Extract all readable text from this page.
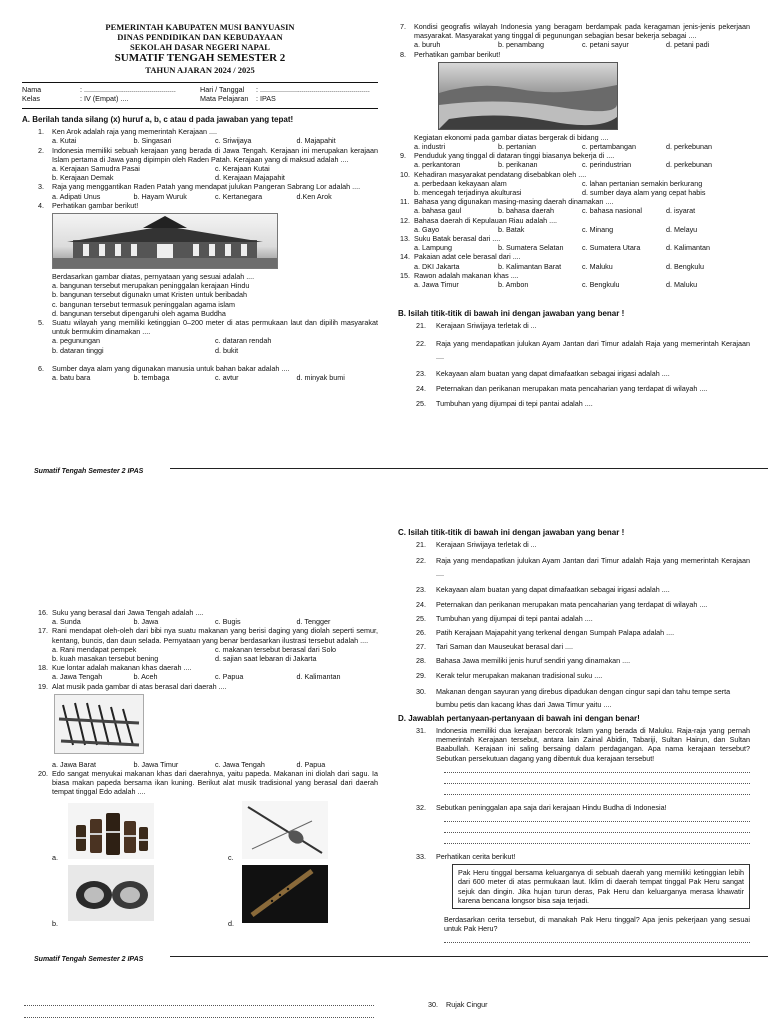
PEMERINTAH KABUPATEN MUSI BANYUASIN
DINAS PENDIDIKAN DAN KEBUDAYAAN
SEKOLAH DASAR NEGERI NAPAL
SUMATIF TENGAH SEMESTER 2
TAHUN AJARAN 2024 / 2025
Nama	: ..............................................
Kelas	: IV (Empat) ....
Hari / Tanggal : .......................................................
Mata Pelajaran : IPAS
A. Berilah tanda silang (x) huruf a, b, c atau d pada jawaban yang tepat!
1. Ken Arok adalah raja yang memerintah Kerajaan ....
a. Kutai	b. Singasari	c. Sriwijaya	d. Majapahit
2. Indonesia memiliki sebuah kerajaan yang berada di Jawa Tengah. Kerajaan ini merupakan kerajaan Islam pertama di Jawa yang dipimpin oleh Raden Patah. Kerajaan yang di maksud adalah ....
a. Kerajaan Samudra Pasai	c. Kerajaan Kutai
b. Kerajaan Demak	d. Kerajaan Majapahit
3. Raja yang menggantikan Raden Patah yang mendapat julukan Pangeran Sabrang Lor adalah ....
a. Adipati Unus	b. Hayam Wuruk	c. Kertanegara	d.Ken Arok
4. Perhatikan gambar berikut!
Berdasarkan gambar diatas, pernyataan yang sesuai adalah ....
a. bangunan tersebut merupakan peninggalan kerajaan Hindu
b. bangunan tersebut digunakn umat Kristen untuk beribadah
c. bangunan tersebut termasuk peninggalan agama islam
d. bangunan tersebut dipengaruhi oleh agama Buddha
5. Suatu wilayah yang memiliki ketinggian 0–200 meter di atas permukaan laut dan dipilih masyarakat untuk bermukim dinamakan ....
a. pegunungan	c. dataran rendah
b. dataran tinggi	d. bukit
6. Sumber daya alam yang digunakan manusia untuk bahan bakar adalah ....
a. batu bara	b. tembaga	c. avtur	d. minyak bumi
7. Kondisi geografis wilayah Indonesia yang beragam berdampak pada keragaman jenis-jenis pekerjaan masyarakat. Masyarakat yang tinggal di pegunungan sebagian besar bekerja sebagai ....
a. buruh	b. penambang	c. petani sayur	d. petani padi
8. Perhatikan gambar berikut!
Kegiatan ekonomi pada gambar diatas bergerak di bidang ....
a. industri	b. pertanian	c. pertambangan	d. perkebunan
9. Penduduk yang tinggal di dataran tinggi biasanya bekerja di ....
a. perkantoran	b. perikanan	c. perindustrian	d. perkebunan
10. Kehadiran masyarakat pendatang disebabkan oleh ....
a. perbedaan kekayaan alam	c. lahan pertanian semakin berkurang
b. mencegah terjadinya akulturasi	d. sumber daya alam yang cepat habis
11. Bahasa yang digunakan masing-masing daerah dinamakan ....
a. bahasa gaul	b. bahasa daerah	c. bahasa nasional	d. isyarat
12. Bahasa daerah di Kepulauan Riau adalah ....
a. Gayo	b. Batak	c. Minang	d. Melayu
13. Suku Batak berasal dari ....
a. Lampung	b. Sumatera Selatan	c. Sumatera Utara	d. Kalimantan
14. Pakaian adat cele berasal dari ....
a. DKI Jakarta	b. Kalimantan Barat	c. Maluku	d. Bengkulu
15. Rawon adalah makanan khas ....
a. Jawa Timur	b. Ambon	c. Bengkulu	d. Maluku
B. Isilah titik-titik di bawah ini dengan jawaban yang benar !
21. Kerajaan Sriwijaya terletak di ...
22. Raja yang mendapatkan julukan Ayam Jantan dari Timur adalah Raja yang memerintah Kerajaan ....
23. Kekayaan alam buatan yang dapat dimafaatkan sebagai irigasi adalah ....
24. Peternakan dan perikanan merupakan mata pencaharian yang terdapat di wilayah ....
25. Tumbuhan yang dijumpai di tepi pantai adalah ....
Sumatif Tengah Semester 2 IPAS
16. Suku yang berasal dari Jawa Tengah adalah ....
a. Sunda	b. Jawa	c. Bugis	d. Tengger
17. Rani mendapat oleh-oleh dari bibi nya suatu makanan yang berisi daging yang diolah seperti semur, kentang, buncis, dan daun selada. Pernyataan yang benar berdasarkan ilustrasi tersebut adalah ....
a. Rani mendapat pempek	c. makanan tersebut berasal dari Solo
b. kuah masakan tersebut bening	d. sajian saat lebaran di Jakarta
18. Kue lontar adalah makanan khas daerah ....
a. Jawa Tengah	b. Aceh	c. Papua	d. Kalimantan
19. Alat musik pada gambar di atas berasal dari daerah ....
a. Jawa Barat	b. Jawa Timur	c. Jawa Tengah	d. Papua
20. Edo sangat menyukai makanan khas dari daerahnya, yaitu papeda. Makanan ini diolah dari sagu. Ia biasa makan papeda bersama ikan kuning. Berikut alat musik tradisional yang berasal dari daerah tempat tinggal Edo adalah ....
a.	c.
b.	d.
C. Isilah titik-titik di bawah ini dengan jawaban yang benar !
21. Kerajaan Sriwijaya terletak di ...
22. Raja yang mendapatkan julukan Ayam Jantan dari Timur adalah Raja yang memerintah Kerajaan ....
23. Kekayaan alam buatan yang dapat dimafaatkan sebagai irigasi adalah ....
24. Peternakan dan perikanan merupakan mata pencaharian yang terdapat di wilayah ....
25. Tumbuhan yang dijumpai di tepi pantai adalah ....
26. Patih Kerajaan Majapahit yang terkenal dengan Sumpah Palapa adalah ....
27. Tari Saman dan Mauseukat berasal dari ....
28. Bahasa Jawa memiliki jenis huruf sendiri yang dinamakan ....
29. Kerak telur merupakan makanan tradisional suku ....
30. Makanan dengan sayuran yang direbus dipadukan dengan cingur sapi dan tahu tempe serta bumbu petis dan kacang khas dari Jawa Timur yaitu ....
D. Jawablah pertanyaan-pertanyaan di bawah ini dengan benar!
31. Indonesia memiliki dua kerajaan bercorak Islam yang berada di Maluku. Raja-raja yang pernah memerintah Kerajaan tersebut, antara lain Zainal Abidin, Tabariji, Sultan Hairun, dan Sultan Baabullah. Kerajaan ini saling bersaing dalam perdagangan. Apa nama kerajaan tersebut? Sebutkan persekutuan dagang yang dibentuk dua kerajaan tersebut!
32. Sebutkan peninggalan apa saja dari kerajaan Hindu Budha di Indonesia!
33. Perhatikan cerita berikut!
Pak Heru tinggal bersama keluarganya di sebuah daerah yang memiliki ketinggian lebih dari 600 meter di atas permukaan laut. Iklim di daerah tempat tinggal Pak Heru sangat sejuk dan dingin. Jika hujan turun deras, Pak Heru dan keluarganya merasa khawatir karena bencana longsor bisa saja terjadi.
Berdasarkan cerita tersebut, di manakah Pak Heru tinggal? Apa jenis pekerjaan yang sesuai untuk Pak Heru?
Sumatif Tengah Semester 2 IPAS
30. Rujak Cingur
